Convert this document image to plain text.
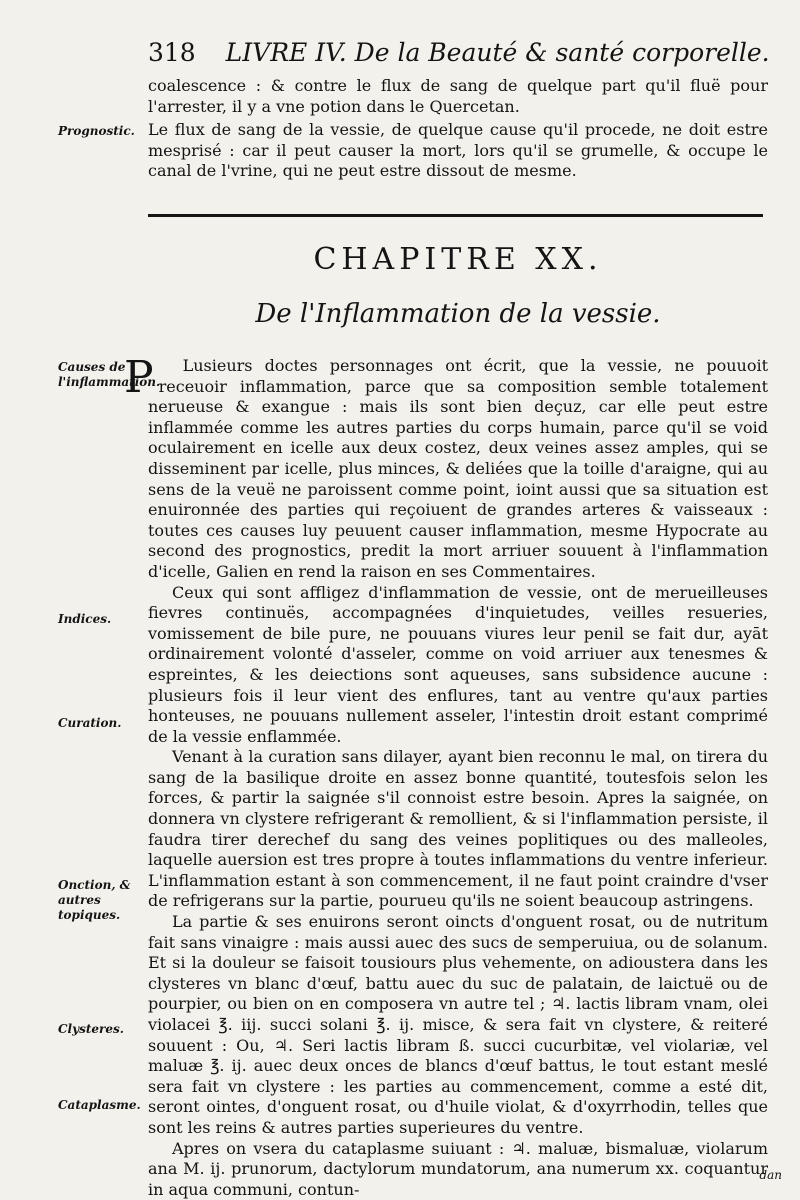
318 LIVRE IV. De la Beauté & santé corporelle.
coalescence : & contre le flux de sang de quelque part qu'il fluë pour l'arrester, il y a vne potion dans le Quercetan.
Prognostic. Le flux de sang de la vessie, de quelque cause qu'il procede, ne doit estre mesprisé : car il peut causer la mort, lors qu'il se grumelle, & occupe le canal de l'vrine, qui ne peut estre dissout de mesme.
CHAPITRE XX.
De l'Inflammation de la vessie.
Causes de l'inflammation.
Indices.
Curation.
Onction, & autres topiques.
Clysteres.
Cataplasme.

P Lusieurs doctes personnages ont écrit, que la vessie, ne pouuoit receuoir inflammation, parce que sa composition semble totalement nerueuse & exangue : mais ils sont bien deçuz, car elle peut estre inflammée comme les autres parties du corps humain, parce qu'il se void oculairement en icelle aux deux costez, deux veines assez amples, qui se disseminent par icelle, plus minces, & deliées que la toille d'araigne, qui au sens de la veuë ne paroissent comme point, ioint aussi que sa situation est enuironnée des parties qui reçoiuent de grandes arteres & vaisseaux : toutes ces causes luy peuuent causer inflammation, mesme Hypocrate au second des prognostics, predit la mort arriuer souuent à l'inflammation d'icelle, Galien en rend la raison en ses Commentaires.

Ceux qui sont affligez d'inflammation de vessie, ont de merueilleuses fievres continuës, accompagnées d'inquietudes, veilles resueries, vomissement de bile pure, ne pouuans viures leur penil se fait dur, ayāt ordinairement volonté d'asseler, comme on void arriuer aux tenesmes & espreintes, & les deiections sont aqueuses, sans subsidence aucune : plusieurs fois il leur vient des enflures, tant au ventre qu'aux parties honteuses, ne pouuans nullement asseler, l'intestin droit estant comprimé de la vessie enflammée.

Venant à la curation sans dilayer, ayant bien reconnu le mal, on tirera du sang de la basilique droite en assez bonne quantité, toutesfois selon les forces, & partir la saignée s'il connoist estre besoin. Apres la saignée, on donnera vn clystere refrigerant & remollient, & si l'inflammation persiste, il faudra tirer derechef du sang des veines poplitiques ou des malleoles, laquelle auersion est tres propre à toutes inflammations du ventre inferieur. L'inflammation estant à son commencement, il ne faut point craindre d'vser de refrigerans sur la partie, pourueu qu'ils ne soient beaucoup astringens.

La partie & ses enuirons seront oincts d'onguent rosat, ou de nutritum fait sans vinaigre : mais aussi auec des sucs de semperuiua, ou de solanum. Et si la douleur se faisoit tousiours plus vehemente, on adioustera dans les clysteres vn blanc d'œuf, battu auec du suc de palatain, de laictuë ou de pourpier, ou bien on en composera vn autre tel ; ♃. lactis libram vnam, olei violacei ℥. iij. succi solani ℥. ij. misce, & sera fait vn clystere, & reiteré souuent : Ou, ♃. Seri lactis libram ß. succi cucurbitæ, vel violariæ, vel maluæ ℥. ij. auec deux onces de blancs d'œuf battus, le tout estant meslé sera fait vn clystere : les parties au commencement, comme a esté dit, seront ointes, d'onguent rosat, ou d'huile violat, & d'oxyrrhodin, telles que sont les reins & autres parties superieures du ventre.

Apres on vsera du cataplasme suiuant : ♃. maluæ, bismaluæ, violarum ana M. ij. prunorum, dactylorum mundatorum, ana numerum xx. coquantur in aqua communi, contun-

dan
